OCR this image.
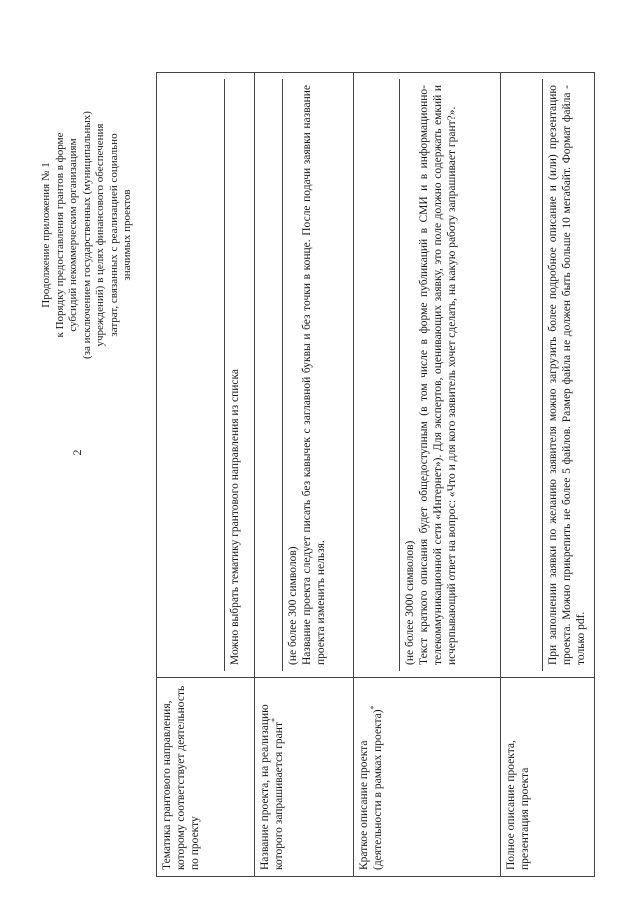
2
Продолжение приложения № 1 к Порядку предоставления грантов в форме субсидий некоммерческим организациям (за исключением государственных (муниципальных) учреждений) в целях финансового обеспечения затрат, связанных с реализацией социально значимых проектов
Тематика грантового направления, которому соответствует деятельность по проекту	Можно выбрать тематику грантового направления из списка

Название проекта, на реализацию которого запрашивается грант*	(не более 300 символов) Название проекта следует писать без кавычек с заглавной буквы и без точки в конце. После подачи заявки название проекта изменить нельзя.

Краткое описание проекта (деятельности в рамках проекта)*	(не более 3000 символов) Текст краткого описания будет общедоступным (в том числе в форме публикаций в СМИ и в информационно-телекоммуникационной сети «Интернет»). Для экспертов, оценивающих заявку, это поле должно содержать емкий и исчерпывающий ответ на вопрос: «Что и для кого заявитель хочет сделать, на какую работу запрашивает грант?».

Полное описание проекта, презентация проекта	При заполнении заявки по желанию заявителя можно загрузить более подробное описание и (или) презентацию проекта. Можно прикрепить не более 5 файлов. Размер файла не должен быть больше 10 мегабайт. Формат файла - только pdf.
